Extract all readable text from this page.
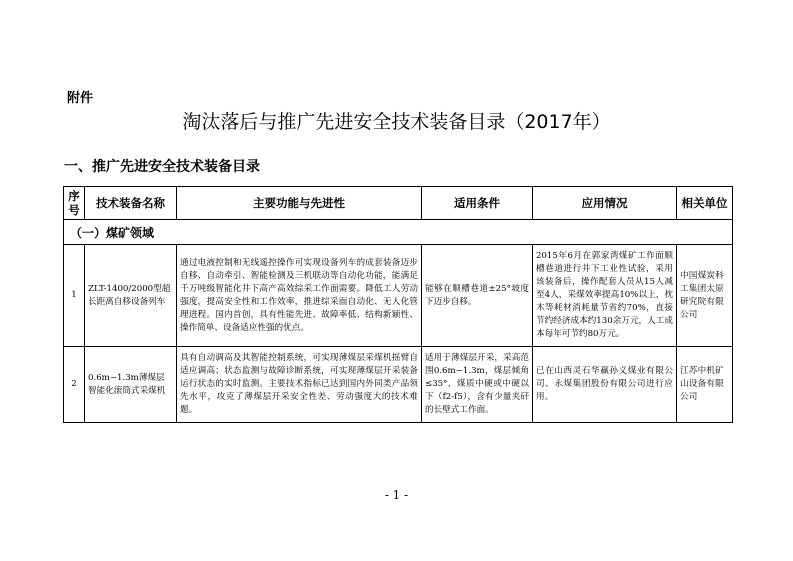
附件
淘汰落后与推广先进安全技术装备目录（2017年）
一、推广先进安全技术装备目录
序号	技术装备名称	主要功能与先进性	适用条件	应用情况	相关单位
（一）煤矿领域					
1	ZLT-1400/2000型超长距离自移设备列车	通过电液控制和无线遥控操作可实现设备列车的成套装备迈步自移、自动牵引、智能检测及三机联动等自动化功能，能满足千万吨级智能化井下高产高效综采工作面需要。降低工人劳动强度，提高安全性和工作效率，推进综采面自动化、无人化管理进程。国内首创，具有性能先进、故障率低、结构新颖性、操作简单、设备适应性强的优点。	能够在顺槽巷道±25°坡度下迈步自移。	2015年6月在郭家湾煤矿工作面顺槽巷道进行井下工业性试验，采用该装备后，操作配套人员从15人减至4人，采煤效率提高10%以上，枕木等耗材消耗量节省约70%，直接节约经济成本约130余万元，人工成本每年可节约80万元。	中国煤炭科工集团太原研究院有限公司
2	0.6m~1.3m薄煤层智能化滚筒式采煤机	具有自动调高及其智能控制系统，可实现薄煤层采煤机摇臂自适应调高；状态监测与故障诊断系统，可实现薄煤层开采装备运行状态的实时监测。主要技术指标已达到国内外同类产品领先水平，攻克了薄煤层开采安全性差、劳动强度大的技术难题。	适用于薄煤层开采，采高范围0.6m~1.3m，煤层倾角≤35°，煤质中硬或中硬以下（f2-f5），含有少量夹矸的长壁式工作面。	已在山西灵石华赢孙义煤业有限公司、永煤集团股份有限公司进行应用。	江苏中机矿山设备有限公司
- 1 -
